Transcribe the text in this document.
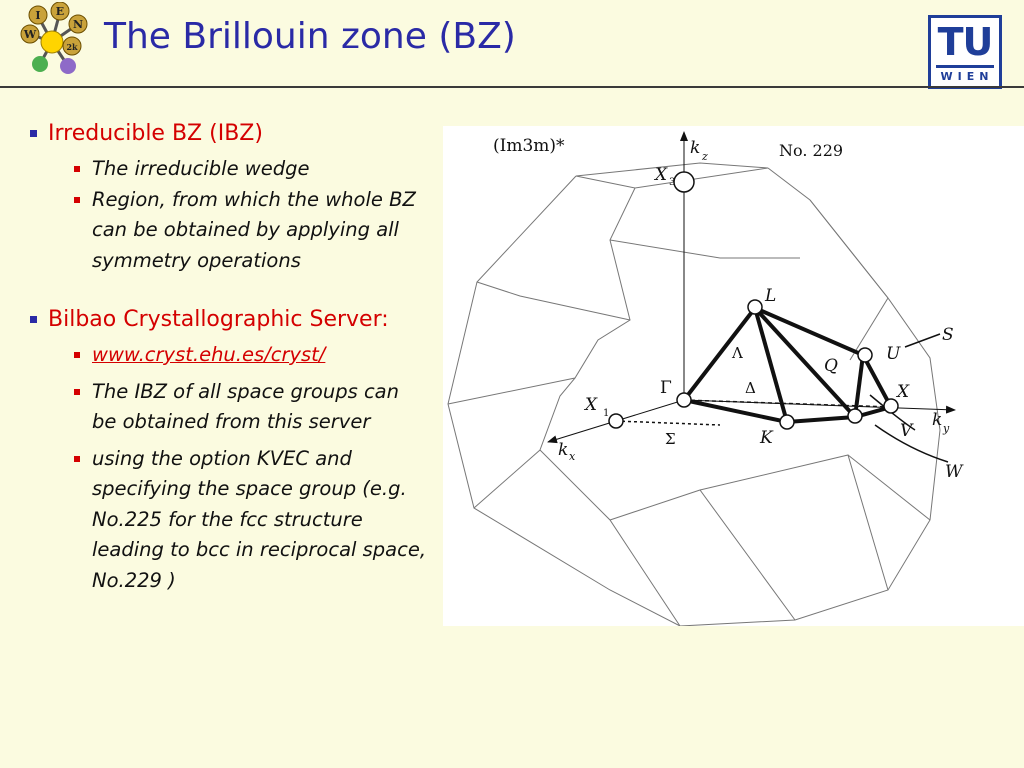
I E
N
W
2k The Brillouin zone (BZ)	TU
WIEN
Irreducible BZ (IBZ)
The irreducible wedge
Region, from which the whole BZ can be obtained by applying all symmetry operations
Bilbao Crystallographic Server:
www.cryst.ehu.es/cryst/
The IBZ of all space groups can be obtained from this server
using the option KVEC and specifying the space group (e.g. No.225 for the fcc structure leading to bcc in reciprocal space, No.229 )
(Im3m)*	No. 229
k z
X 3
L
Λ
Q
U
S
Γ	Δ	X
X 1	k y
V
K
Σ
k x
W
